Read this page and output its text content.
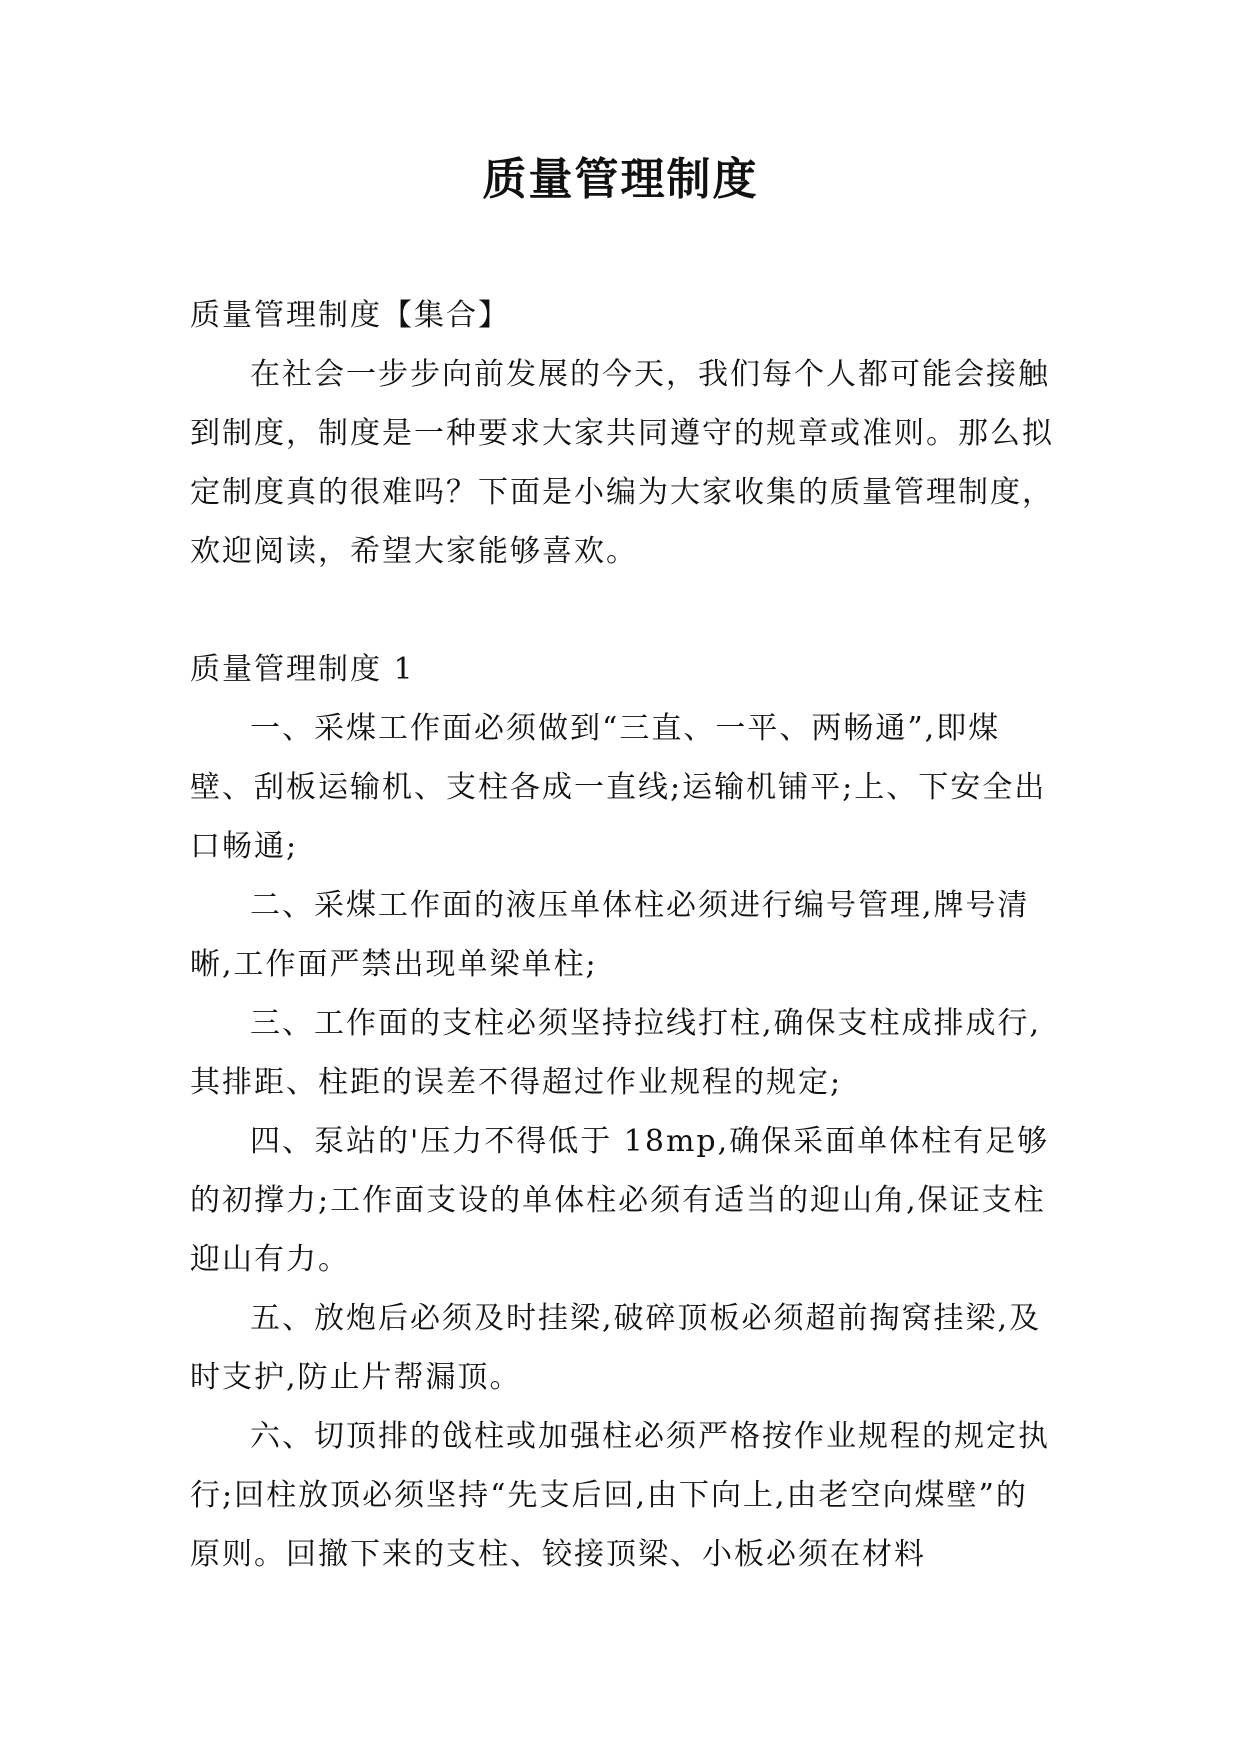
质量管理制度

质量管理制度【集合】

在社会一步步向前发展的今天，我们每个人都可能会接触到制度，制度是一种要求大家共同遵守的规章或准则。那么拟定制度真的很难吗？下面是小编为大家收集的质量管理制度，欢迎阅读，希望大家能够喜欢。

质量管理制度 1

一、采煤工作面必须做到“三直、一平、两畅通”,即煤壁、刮板运输机、支柱各成一直线;运输机铺平;上、下安全出口畅通;

二、采煤工作面的液压单体柱必须进行编号管理,牌号清晰,工作面严禁出现单梁单柱;

三、工作面的支柱必须坚持拉线打柱,确保支柱成排成行,其排距、柱距的误差不得超过作业规程的规定;

四、泵站的'压力不得低于 18mp,确保采面单体柱有足够的初撑力;工作面支设的单体柱必须有适当的迎山角,保证支柱迎山有力。

五、放炮后必须及时挂梁,破碎顶板必须超前掏窝挂梁,及时支护,防止片帮漏顶。

六、切顶排的戗柱或加强柱必须严格按作业规程的规定执行;回柱放顶必须坚持“先支后回,由下向上,由老空向煤壁”的原则。回撤下来的支柱、铰接顶梁、小板必须在材料
